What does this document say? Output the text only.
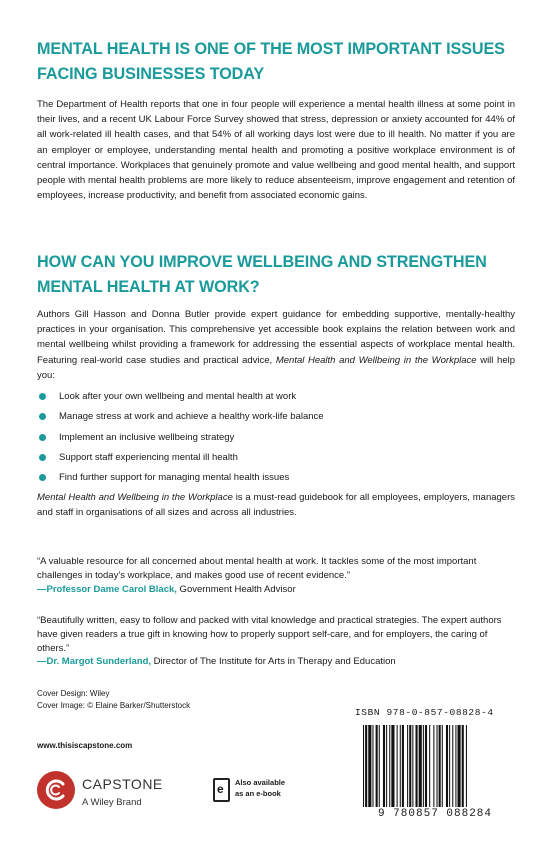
MENTAL HEALTH IS ONE OF THE MOST IMPORTANT ISSUES FACING BUSINESSES TODAY

The Department of Health reports that one in four people will experience a mental health illness at some point in their lives, and a recent UK Labour Force Survey showed that stress, depression or anxiety accounted for 44% of all work-related ill health cases, and that 54% of all working days lost were due to ill health. No matter if you are an employer or employee, understanding mental health and promoting a positive workplace environment is of central importance. Workplaces that genuinely promote and value wellbeing and good mental health, and support people with mental health problems are more likely to reduce absenteeism, improve engagement and retention of employees, increase productivity, and benefit from associated economic gains.

HOW CAN YOU IMPROVE WELLBEING AND STRENGTHEN MENTAL HEALTH AT WORK?

Authors Gill Hasson and Donna Butler provide expert guidance for embedding supportive, mentally-healthy practices in your organisation. This comprehensive yet accessible book explains the relation between work and mental wellbeing whilst providing a framework for addressing the essential aspects of workplace mental health. Featuring real-world case studies and practical advice, Mental Health and Wellbeing in the Workplace will help you:

Look after your own wellbeing and mental health at work
Manage stress at work and achieve a healthy work-life balance
Implement an inclusive wellbeing strategy
Support staff experiencing mental ill health
Find further support for managing mental health issues

Mental Health and Wellbeing in the Workplace is a must-read guidebook for all employees, employers, managers and staff in organisations of all sizes and across all industries.

“A valuable resource for all concerned about mental health at work. It tackles some of the most important challenges in today’s workplace, and makes good use of recent evidence.”
—Professor Dame Carol Black, Government Health Advisor
“Beautifully written, easy to follow and packed with vital knowledge and practical strategies. The expert authors have given readers a true gift in knowing how to properly support self-care, and for employers, the caring of others.”
—Dr. Margot Sunderland, Director of The Institute for Arts in Therapy and Education
Cover Design: Wiley
Cover Image: © Elaine Barker/Shutterstock
www.thisiscapstone.com
CAPSTONE
A Wiley Brand
e Also available
as an e-book
ISBN 978-0-857-08828-4
9 780857 088284
